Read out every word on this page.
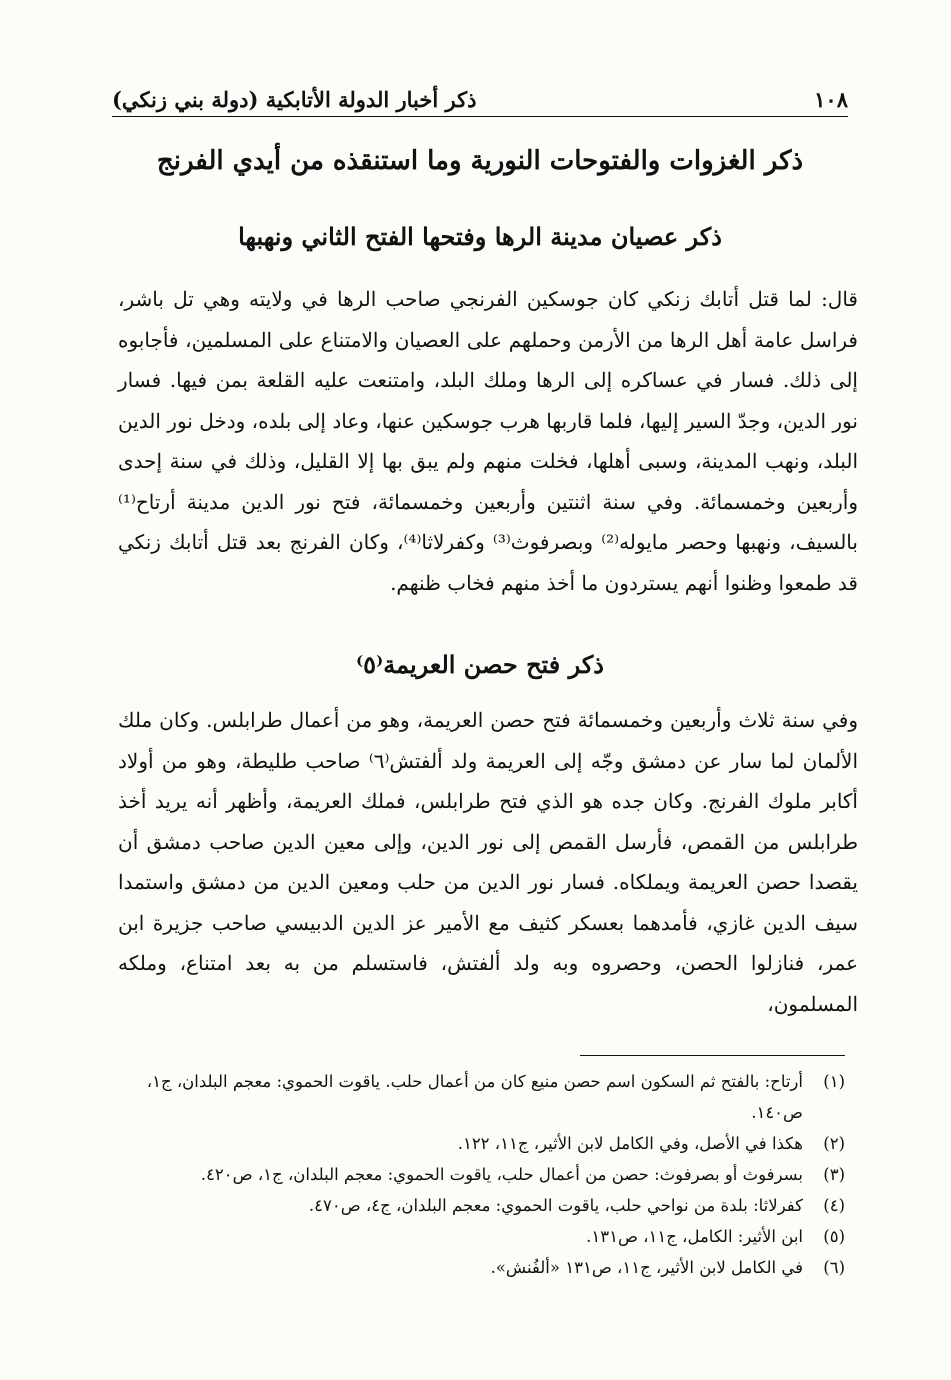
١٠٨
ذكر أخبار الدولة الأتابكية (دولة بني زنكي)
ذكر الغزوات والفتوحات النورية وما استنقذه من أيدي الفرنج
ذكر عصيان مدينة الرها وفتحها الفتح الثاني ونهبها
قال: لما قتل أتابك زنكي كان جوسكين الفرنجي صاحب الرها في ولايته وهي تل باشر، فراسل عامة أهل الرها من الأرمن وحملهم على العصيان والامتناع على المسلمين، فأجابوه إلى ذلك. فسار في عساكره إلى الرها وملك البلد، وامتنعت عليه القلعة بمن فيها. فسار نور الدين، وجدّ السير إليها، فلما قاربها هرب جوسكين عنها، وعاد إلى بلده، ودخل نور الدين البلد، ونهب المدينة، وسبى أهلها، فخلت منهم ولم يبق بها إلا القليل، وذلك في سنة إحدى وأربعين وخمسمائة. وفي سنة اثنتين وأربعين وخمسمائة، فتح نور الدين مدينة أرتاح⁽¹⁾ بالسيف، ونهبها وحصر مايوله⁽²⁾ وبصرفوث⁽³⁾ وكفرلاثا⁽⁴⁾، وكان الفرنج بعد قتل أتابك زنكي قد طمعوا وظنوا أنهم يستردون ما أخذ منهم فخاب ظنهم.
ذكر فتح حصن العريمة⁽٥⁾
وفي سنة ثلاث وأربعين وخمسمائة فتح حصن العريمة، وهو من أعمال طرابلس. وكان ملك الألمان لما سار عن دمشق وجّه إلى العريمة ولد ألفتش⁽٦⁾ صاحب طليطة، وهو من أولاد أكابر ملوك الفرنج. وكان جده هو الذي فتح طرابلس، فملك العريمة، وأظهر أنه يريد أخذ طرابلس من القمص، فأرسل القمص إلى نور الدين، وإلى معين الدين صاحب دمشق أن يقصدا حصن العريمة ويملكاه. فسار نور الدين من حلب ومعين الدين من دمشق واستمدا سيف الدين غازي، فأمدهما بعسكر كثيف مع الأمير عز الدين الدبيسي صاحب جزيرة ابن عمر، فنازلوا الحصن، وحصروه وبه ولد ألفتش، فاستسلم من به بعد امتناع، وملكه المسلمون،
(١)
أرتاح: بالفتح ثم السكون اسم حصن منيع كان من أعمال حلب. ياقوت الحموي: معجم البلدان، ج١، ص١٤٠.
(٢)
هكذا في الأصل، وفي الكامل لابن الأثير، ج١١، ١٢٢.
(٣)
بسرفوث أو بصرفوث: حصن من أعمال حلب، ياقوت الحموي: معجم البلدان، ج١، ص٤٢٠.
(٤)
كفرلاثا: بلدة من نواحي حلب، ياقوت الحموي: معجم البلدان، ج٤، ص٤٧٠.
(٥)
ابن الأثير: الكامل، ج١١، ص١٣١.
(٦)
في الكامل لابن الأثير، ج١١، ص١٣١ «ألفُنش».
